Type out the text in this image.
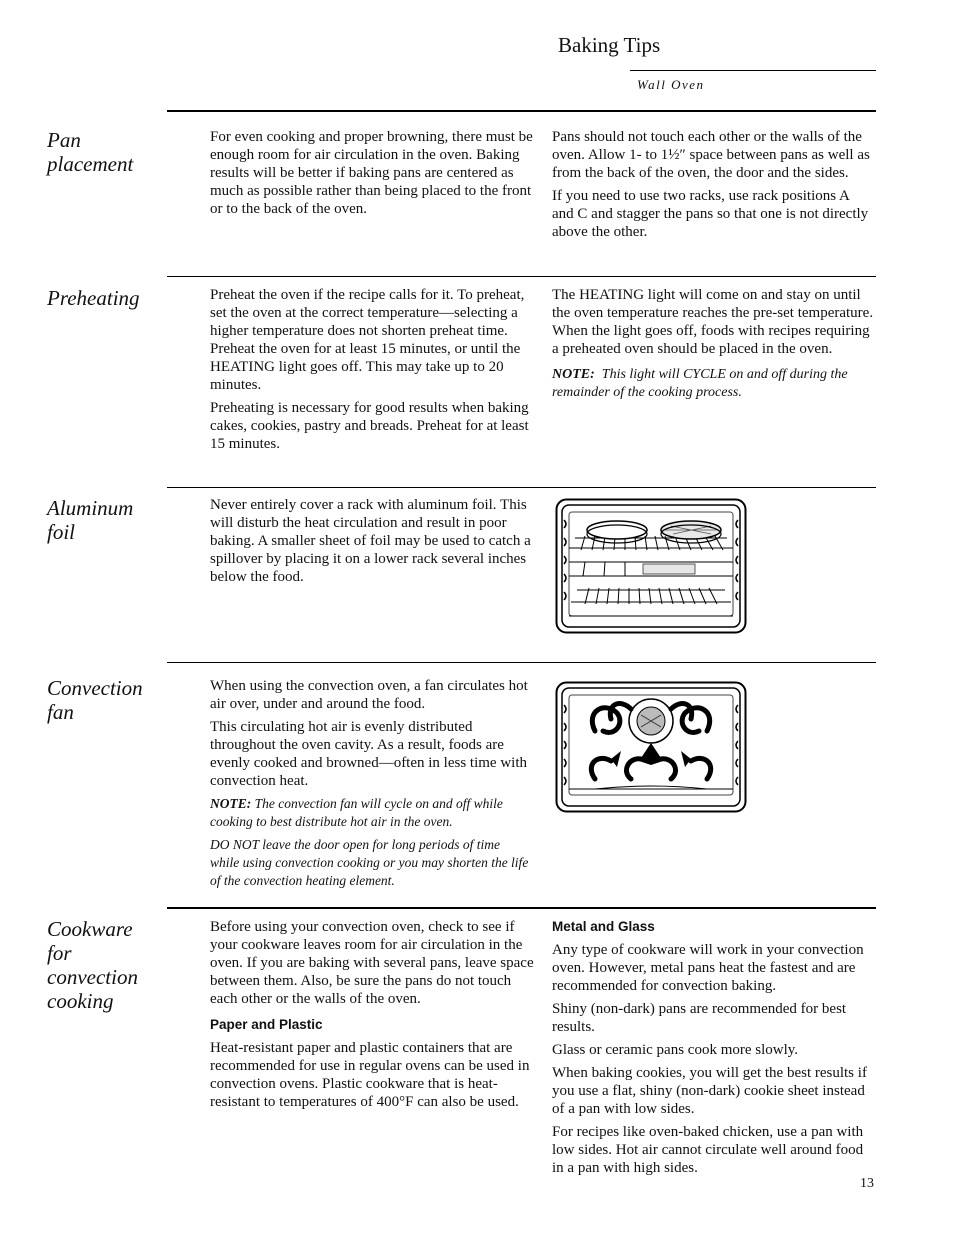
Baking Tips
Wall Oven
Pan
placement

For even cooking and proper browning, there must be enough room for air circulation in the oven. Baking results will be better if baking pans are centered as much as possible rather than being placed to the front or to the back of the oven.

Pans should not touch each other or the walls of the oven. Allow 1- to 1½″ space between pans as well as from the back of the oven, the door and the sides.

If you need to use two racks, use rack positions A and C and stagger the pans so that one is not directly above the other.

Preheating	Preheat the oven if the recipe calls for it. To preheat, set the oven at the correct temperature—selecting a higher temperature does not shorten preheat time. Preheat the oven for at least 15 minutes, or until the HEATING light goes off. This may take up to 20 minutes.

Preheating is necessary for good results when baking cakes, cookies, pastry and breads. Preheat for at least 15 minutes.

The HEATING light will come on and stay on until the oven temperature reaches the pre-set temperature. When the light goes off, foods with recipes requiring a preheated oven should be placed in the oven.

NOTE: This light will CYCLE on and off during the remainder of the cooking process.

Aluminum
foil

Never entirely cover a rack with aluminum foil. This will disturb the heat circulation and result in poor baking. A smaller sheet of foil may be used to catch a spillover by placing it on a lower rack several inches below the food.

Convection
fan

When using the convection oven, a fan circulates hot air over, under and around the food.

This circulating hot air is evenly distributed throughout the oven cavity. As a result, foods are evenly cooked and browned—often in less time with convection heat.

NOTE: The convection fan will cycle on and off while cooking to best distribute hot air in the oven.

DO NOT leave the door open for long periods of time while using convection cooking or you may shorten the life of the convection heating element.

Cookware
for
convection
cooking

Before using your convection oven, check to see if your cookware leaves room for air circulation in the oven. If you are baking with several pans, leave space between them. Also, be sure the pans do not touch each other or the walls of the oven.

Paper and Plastic

Heat-resistant paper and plastic containers that are recommended for use in regular ovens can be used in convection ovens. Plastic cookware that is heat-resistant to temperatures of 400°F can also be used.

Metal and Glass

Any type of cookware will work in your convection oven. However, metal pans heat the fastest and are recommended for convection baking.

Shiny (non-dark) pans are recommended for best results.

Glass or ceramic pans cook more slowly.

When baking cookies, you will get the best results if you use a flat, shiny (non-dark) cookie sheet instead of a pan with low sides.

For recipes like oven-baked chicken, use a pan with low sides. Hot air cannot circulate well around food in a pan with high sides.

13
